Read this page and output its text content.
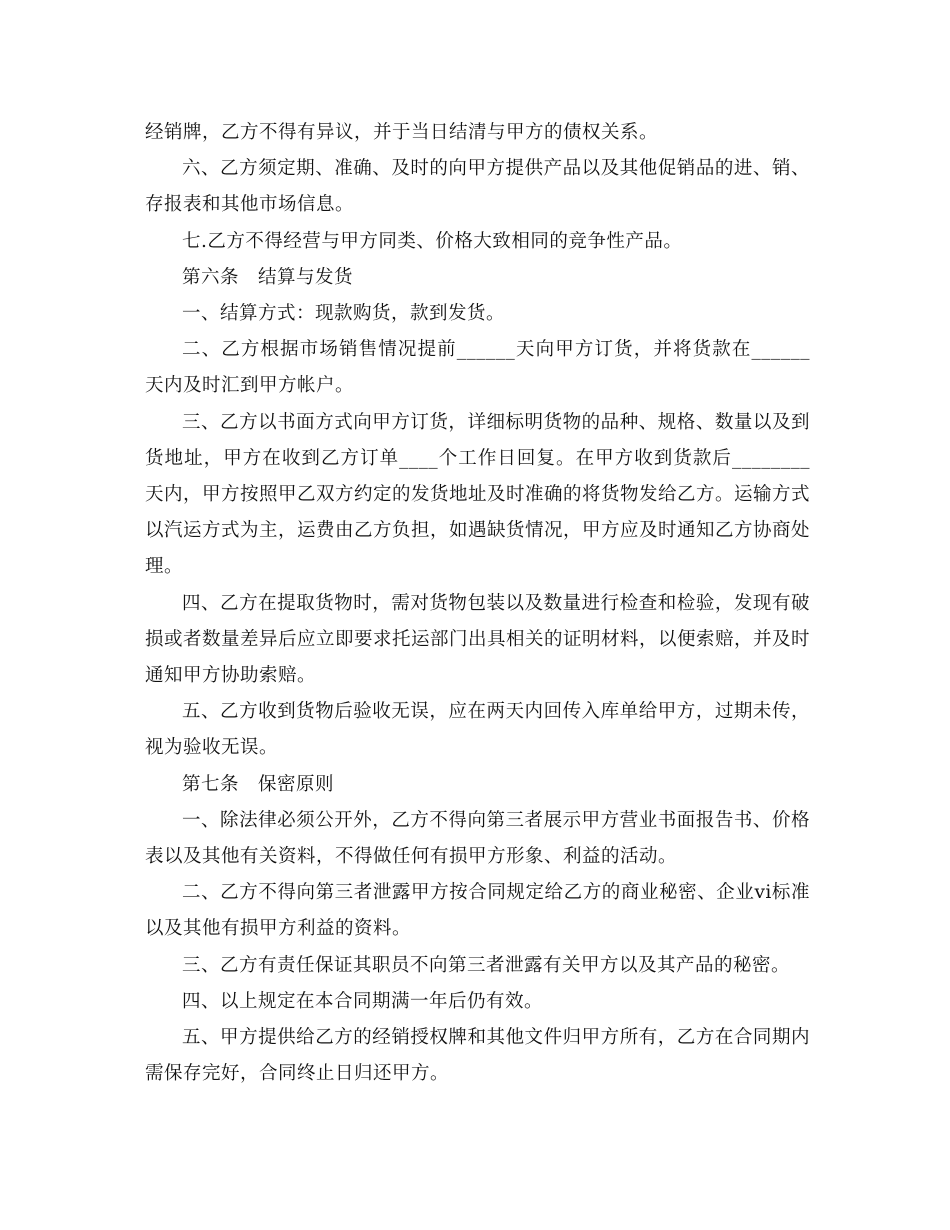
经销牌，乙方不得有异议，并于当日结清与甲方的债权关系。

六、乙方须定期、准确、及时的向甲方提供产品以及其他促销品的进、销、存报表和其他市场信息。

七.乙方不得经营与甲方同类、价格大致相同的竞争性产品。

第六条　结算与发货

一、结算方式：现款购货，款到发货。

二、乙方根据市场销售情况提前______天向甲方订货，并将货款在______天内及时汇到甲方帐户。

三、乙方以书面方式向甲方订货，详细标明货物的品种、规格、数量以及到货地址，甲方在收到乙方订单____个工作日回复。在甲方收到货款后________天内，甲方按照甲乙双方约定的发货地址及时准确的将货物发给乙方。运输方式以汽运方式为主，运费由乙方负担，如遇缺货情况，甲方应及时通知乙方协商处理。

四、乙方在提取货物时，需对货物包装以及数量进行检查和检验，发现有破损或者数量差异后应立即要求托运部门出具相关的证明材料，以便索赔，并及时通知甲方协助索赔。

五、乙方收到货物后验收无误，应在两天内回传入库单给甲方，过期未传，视为验收无误。

第七条　保密原则

一、除法律必须公开外，乙方不得向第三者展示甲方营业书面报告书、价格表以及其他有关资料，不得做任何有损甲方形象、利益的活动。

二、乙方不得向第三者泄露甲方按合同规定给乙方的商业秘密、企业vi标准以及其他有损甲方利益的资料。

三、乙方有责任保证其职员不向第三者泄露有关甲方以及其产品的秘密。

四、以上规定在本合同期满一年后仍有效。

五、甲方提供给乙方的经销授权牌和其他文件归甲方所有，乙方在合同期内需保存完好，合同终止日归还甲方。
